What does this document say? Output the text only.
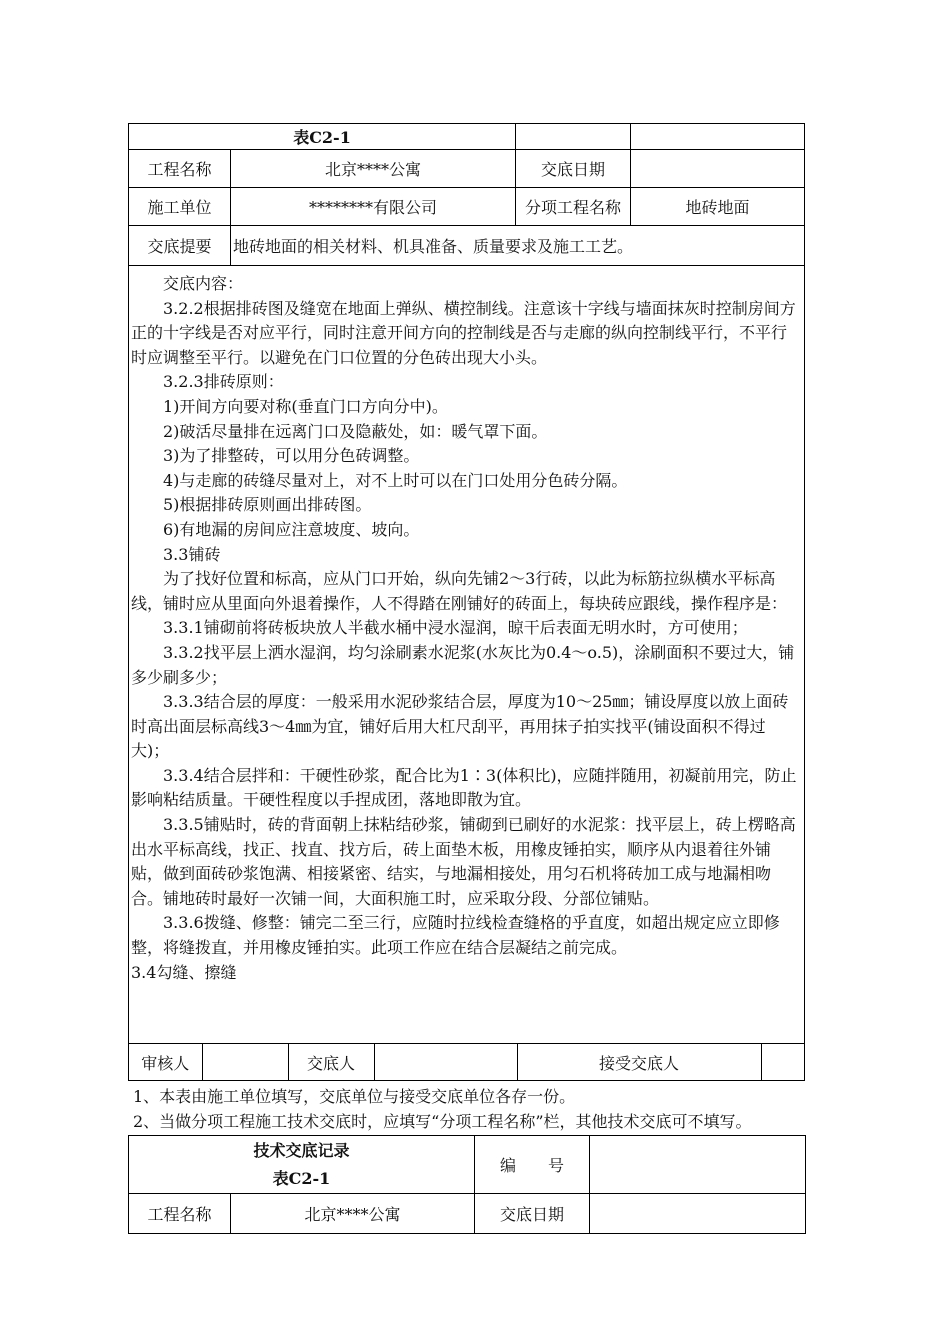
表C2-1		
工程名称	北京****公寓	交底日期	
施工单位	********有限公司	分项工程名称	地砖地面
交底提要	地砖地面的相关材料、机具准备、质量要求及施工工艺。

交底内容：

3.2.2根据排砖图及缝宽在地面上弹纵、横控制线。注意该十字线与墙面抹灰时控制房间方正的十字线是否对应平行，同时注意开间方向的控制线是否与走廊的纵向控制线平行，不平行时应调整至平行。以避免在门口位置的分色砖出现大小头。

3.2.3排砖原则：

1)开间方向要对称(垂直门口方向分中)。

2)破活尽量排在远离门口及隐蔽处，如：暖气罩下面。

3)为了排整砖，可以用分色砖调整。

4)与走廊的砖缝尽量对上，对不上时可以在门口处用分色砖分隔。

5)根据排砖原则画出排砖图。

6)有地漏的房间应注意坡度、坡向。

3.3铺砖

为了找好位置和标高，应从门口开始，纵向先铺2～3行砖，以此为标筋拉纵横水平标高线，铺时应从里面向外退着操作，人不得踏在刚铺好的砖面上，每块砖应跟线，操作程序是：

3.3.1铺砌前将砖板块放人半截水桶中浸水湿润，晾干后表面无明水时，方可使用；

3.3.2找平层上洒水湿润，均匀涂刷素水泥浆(水灰比为0.4～o.5)，涂刷面积不要过大，铺多少刷多少；

3.3.3结合层的厚度：一般采用水泥砂浆结合层，厚度为10～25㎜；铺设厚度以放上面砖时高出面层标高线3～4㎜为宜，铺好后用大杠尺刮平，再用抹子拍实找平(铺设面积不得过大)；

3.3.4结合层拌和：干硬性砂浆，配合比为1∶3(体积比)，应随拌随用，初凝前用完，防止影响粘结质量。干硬性程度以手捏成团，落地即散为宜。

3.3.5铺贴时，砖的背面朝上抹粘结砂浆，铺砌到已刷好的水泥浆：找平层上，砖上楞略高出水平标高线，找正、找直、找方后，砖上面垫木板，用橡皮锤拍实，顺序从内退着往外铺贴，做到面砖砂浆饱满、相接紧密、结实，与地漏相接处，用匀石机将砖加工成与地漏相吻合。铺地砖时最好一次铺一间，大面积施工时，应采取分段、分部位铺贴。

3.3.6拨缝、修整：铺完二至三行，应随时拉线检查缝格的乎直度，如超出规定应立即修整，将缝拨直，并用橡皮锤拍实。此项工作应在结合层凝结之前完成。

3.4勾缝、擦缝

审核人		交底人		接受交底人	

1、本表由施工单位填写，交底单位与接受交底单位各存一份。

2、当做分项工程施工技术交底时，应填写“分项工程名称”栏，其他技术交底可不填写。

技术交底记录
表C2-1		编　　号	
工程名称	北京****公寓	交底日期	
